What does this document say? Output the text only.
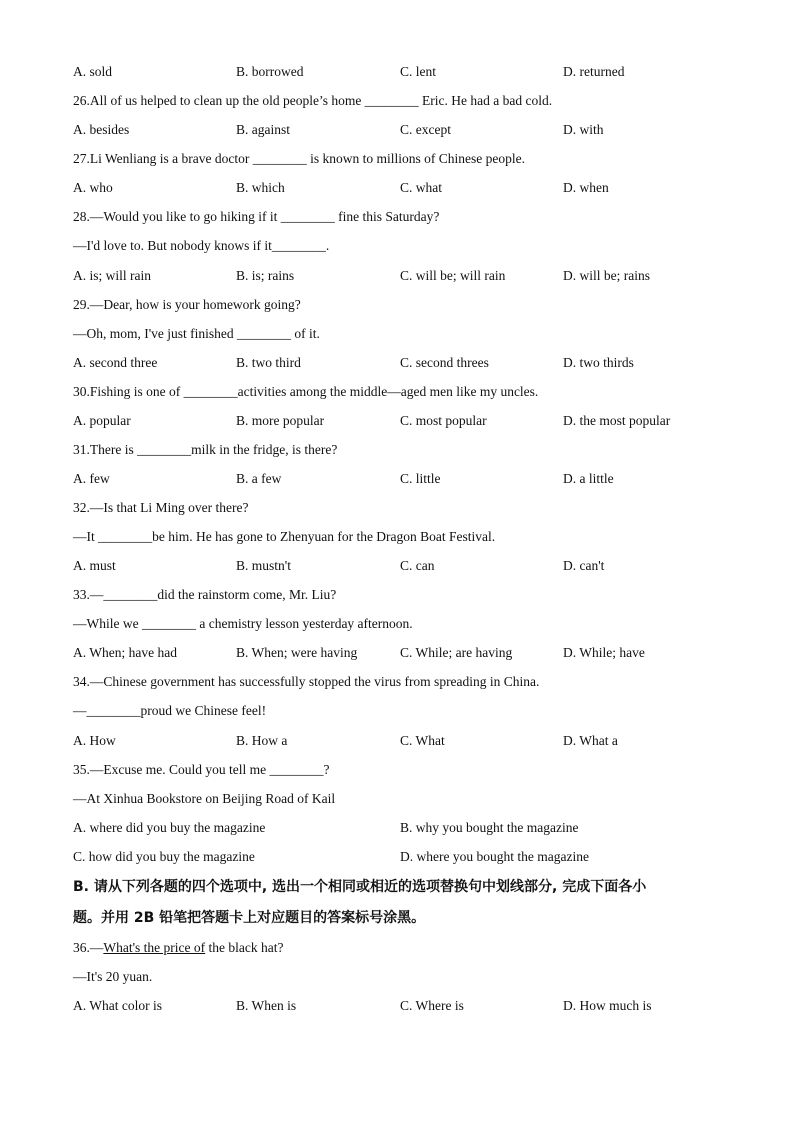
A. sold	B. borrowed	C. lent	D. returned
26.All of us helped to clean up the old people’s home ________ Eric. He had a bad cold.
A. besides	B. against	C. except	D. with
27.Li Wenliang is a brave doctor ________ is known to millions of Chinese people.
A. who	B. which	C. what	D. when
28.—Would you like to go hiking if it ________ fine this Saturday?
—I'd love to. But nobody knows if it________.
A. is; will rain	B. is; rains	C. will be; will rain	D. will be; rains
29.—Dear, how is your homework going?
—Oh, mom, I've just finished ________ of it.
A. second three	B. two third	C. second threes	D. two thirds
30.Fishing is one of ________activities among the middle—aged men like my uncles.
A. popular	B. more popular	C. most popular	D. the most popular
31.There is ________milk in the fridge, is there?
A. few	B. a few	C. little	D. a little
32.—Is that Li Ming over there?
—It ________be him. He has gone to Zhenyuan for the Dragon Boat Festival.
A. must	B. mustn't	C. can	D. can't
33.—________did the rainstorm come, Mr. Liu?
—While we ________ a chemistry lesson yesterday afternoon.
A. When; have had	B. When; were having	C. While; are having	D. While; have
34.—Chinese government has successfully stopped the virus from spreading in China.
—________proud we Chinese feel!
A. How	B. How a	C. What	D. What a
35.—Excuse me. Could you tell me ________?
—At Xinhua Bookstore on Beijing Road of Kail
A. where did you buy the magazine	B. why you bought the magazine
C. how did you buy the magazine	D. where you bought the magazine
B. 请从下列各题的四个选项中, 选出一个相同或相近的选项替换句中划线部分, 完成下面各小
题。并用 2B 铅笔把答题卡上对应题目的答案标号涂黑。
36.—What's the price of the black hat?
—It's 20 yuan.
A. What color is	B. When is	C. Where is	D. How much is
